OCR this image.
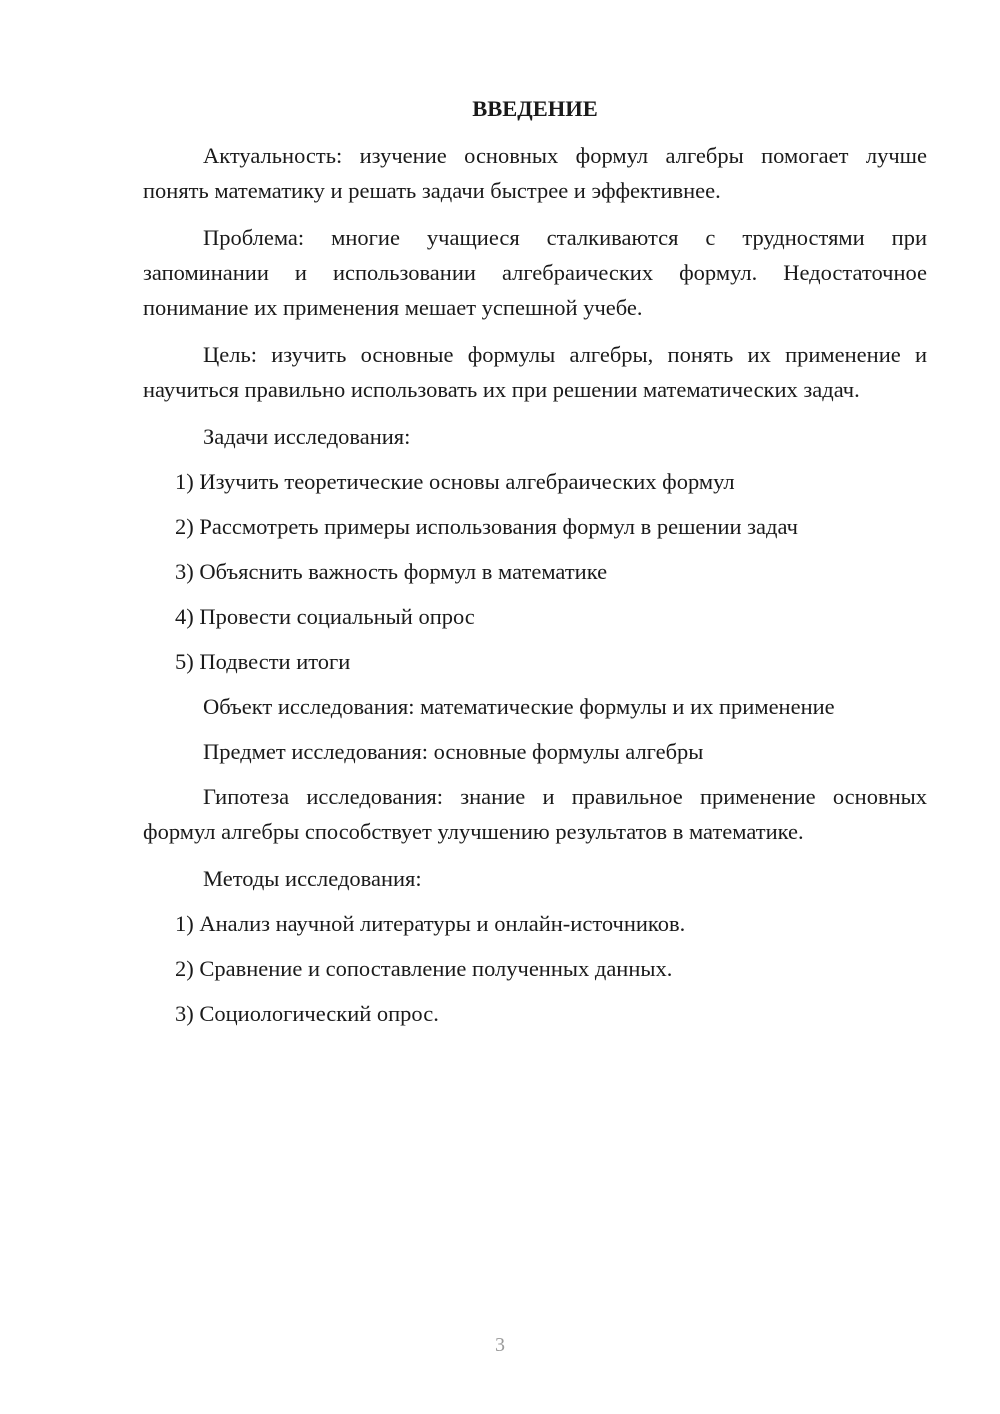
ВВЕДЕНИЕ

Актуальность: изучение основных формул алгебры помогает лучше понять математику и решать задачи быстрее и эффективнее.

Проблема: многие учащиеся сталкиваются с трудностями при запоминании и использовании алгебраических формул. Недостаточное понимание их применения мешает успешной учебе.

Цель: изучить основные формулы алгебры, понять их применение и научиться правильно использовать их при решении математических задач.

Задачи исследования:
1) Изучить теоретические основы алгебраических формул
2) Рассмотреть примеры использования формул в решении задач
3) Объяснить важность формул в математике
4) Провести социальный опрос
5) Подвести итоги
Объект исследования: математические формулы и их применение
Предмет исследования: основные формулы алгебры

Гипотеза исследования: знание и правильное применение основных формул алгебры способствует улучшению результатов в математике.

Методы исследования:
1) Анализ научной литературы и онлайн-источников.
2) Сравнение и сопоставление полученных данных.
3) Социологический опрос.
3
